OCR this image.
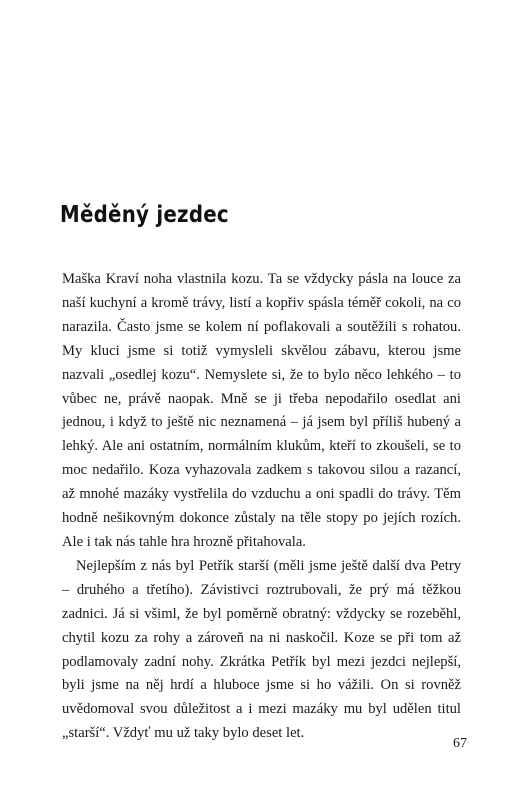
Měděný jezdec

Maška Kraví noha vlastnila kozu. Ta se vždycky pásla na louce za naší kuchyní a kromě trávy, listí a kopřiv spásla téměř cokoli, na co narazila. Často jsme se kolem ní poflakovali a soutěžili s rohatou. My kluci jsme si totiž vymysleli skvělou zábavu, kterou jsme nazvali „osedlej kozu“. Nemyslete si, že to bylo něco lehkého – to vůbec ne, právě naopak. Mně se ji třeba nepodařilo osedlat ani jednou, i když to ještě nic neznamená – já jsem byl příliš hubený a lehký. Ale ani ostatním, normálním klukům, kteří to zkoušeli, se to moc nedařilo. Koza vyhazovala zadkem s takovou silou a razancí, až mnohé mazáky vystřelila do vzduchu a oni spadli do trávy. Těm hodně nešikovným dokonce zůstaly na těle stopy po jejích rozích. Ale i tak nás tahle hra hrozně přitahovala.

Nejlepším z nás byl Petřík starší (měli jsme ještě další dva Petry – druhého a třetího). Závistivci roztrubovali, že prý má těžkou zadnici. Já si všiml, že byl poměrně obratný: vždycky se rozeběhl, chytil kozu za rohy a zároveň na ni naskočil. Koze se při tom až podlamovaly zadní nohy. Zkrátka Petřík byl mezi jezdci nejlepší, byli jsme na něj hrdí a hluboce jsme si ho vážili. On si rovněž uvědomoval svou důležitost a i mezi mazáky mu byl udělen titul „starší“. Vždyť mu už taky bylo deset let.

67
